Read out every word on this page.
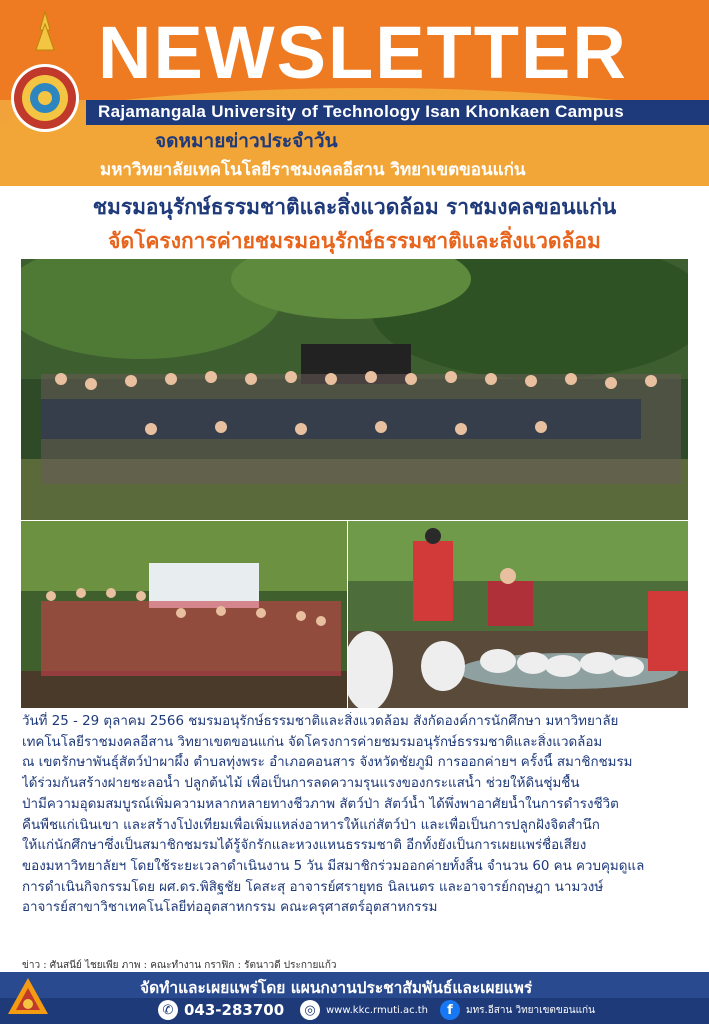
NEWSLETTER
Rajamangala University of Technology Isan Khonkaen Campus
จดหมายข่าวประจำวัน
มหาวิทยาลัยเทคโนโลยีราชมงคลอีสาน วิทยาเขตขอนแก่น
ชมรมอนุรักษ์ธรรมชาติและสิ่งแวดล้อม ราชมงคลขอนแก่น
จัดโครงการค่ายชมรมอนุรักษ์ธรรมชาติและสิ่งแวดล้อม

วันที่ 25 - 29 ตุลาคม 2566 ชมรมอนุรักษ์ธรรมชาติและสิ่งแวดล้อม สังกัดองค์การนักศึกษา มหาวิทยาลัย

เทคโนโลยีราชมงคลอีสาน วิทยาเขตขอนแก่น จัดโครงการค่ายชมรมอนุรักษ์ธรรมชาติและสิ่งแวดล้อม

ณ เขตรักษาพันธุ์สัตว์ป่าผาผึ้ง ตำบลทุ่งพระ อำเภอคอนสาร จังหวัดชัยภูมิ การออกค่ายฯ ครั้งนี้ สมาชิกชมรม

ได้ร่วมกันสร้างฝายชะลอน้ำ ปลูกต้นไม้ เพื่อเป็นการลดความรุนแรงของกระแสน้ำ ช่วยให้ดินชุ่มชื้น

ป่ามีความอุดมสมบูรณ์เพิ่มความหลากหลายทางชีวภาพ สัตว์ป่า สัตว์น้ำ ได้พึ่งพาอาศัยน้ำในการดำรงชีวิต

คืนพืชแก่เนินเขา และสร้างโป่งเทียมเพื่อเพิ่มแหล่งอาหารให้แก่สัตว์ป่า และเพื่อเป็นการปลูกฝังจิตสำนึก

ให้แก่นักศึกษาซึ่งเป็นสมาชิกชมรมได้รู้จักรักและหวงแหนธรรมชาติ อีกทั้งยังเป็นการเผยแพร่ชื่อเสียง

ของมหาวิทยาลัยฯ โดยใช้ระยะเวลาดำเนินงาน 5 วัน มีสมาชิกร่วมออกค่ายทั้งสิ้น จำนวน 60 คน ควบคุมดูแล

การดำเนินกิจกรรมโดย ผศ.ดร.พิสิฐชัย โคสะสุ อาจารย์ศรายุทธ นิลเนตร และอาจารย์กฤษฎา นามวงษ์

อาจารย์สาขาวิชาเทคโนโลยีท่ออุตสาหกรรม คณะครุศาสตร์อุตสาหกรรม

ข่าว : ศันสนีย์ ไชยเพีย ภาพ : คณะทำงาน กราฟิก : รัตนาวดี ประกายแก้ว
จัดทำและเผยแพร่โดย แผนกงานประชาสัมพันธ์และเผยแพร่
✆ 043-283700	◎	www.kkc.rmuti.ac.th	f	มทร.อีสาน วิทยาเขตขอนแก่น
